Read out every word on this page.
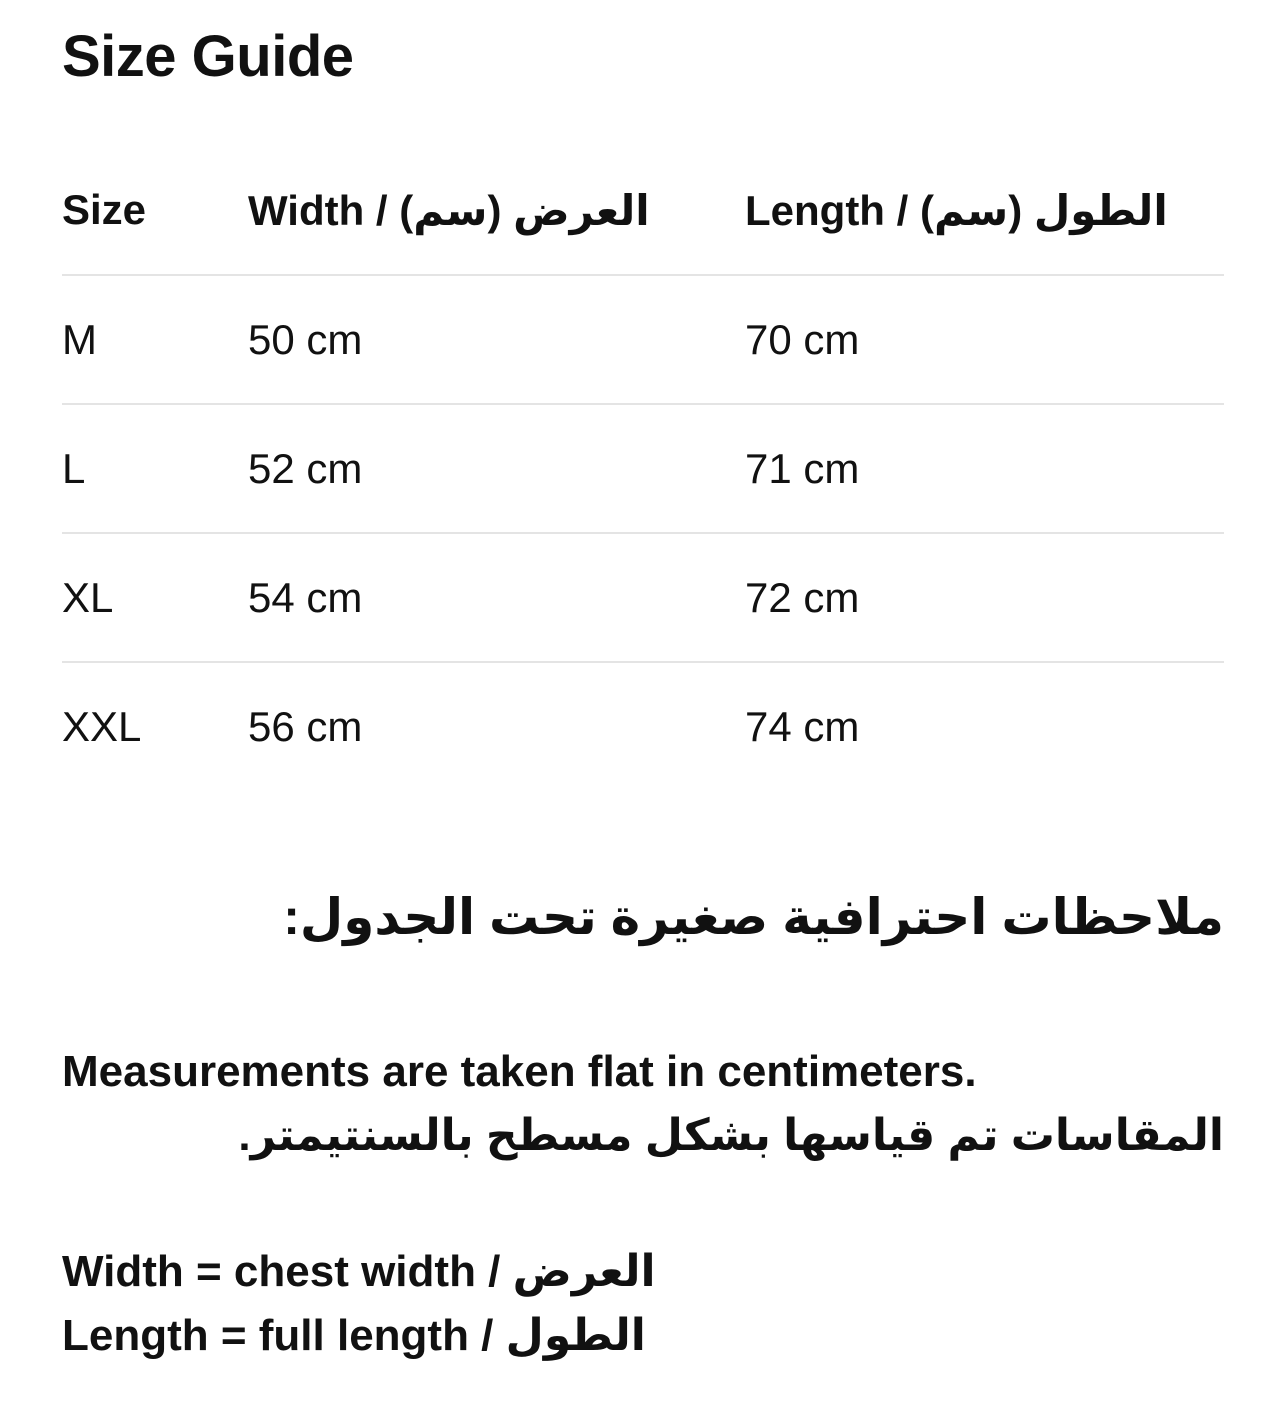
Size Guide
Size	Width / العرض (سم)	Length / الطول (سم)
M	50 cm	70 cm
L	52 cm	71 cm
XL	54 cm	72 cm
XXL	56 cm	74 cm
ملاحظات احترافية صغيرة تحت الجدول:

Measurements are taken flat in centimeters.

المقاسات تم قياسها بشكل مسطح بالسنتيمتر.

Width = chest width / العرض

Length = full length / الطول
